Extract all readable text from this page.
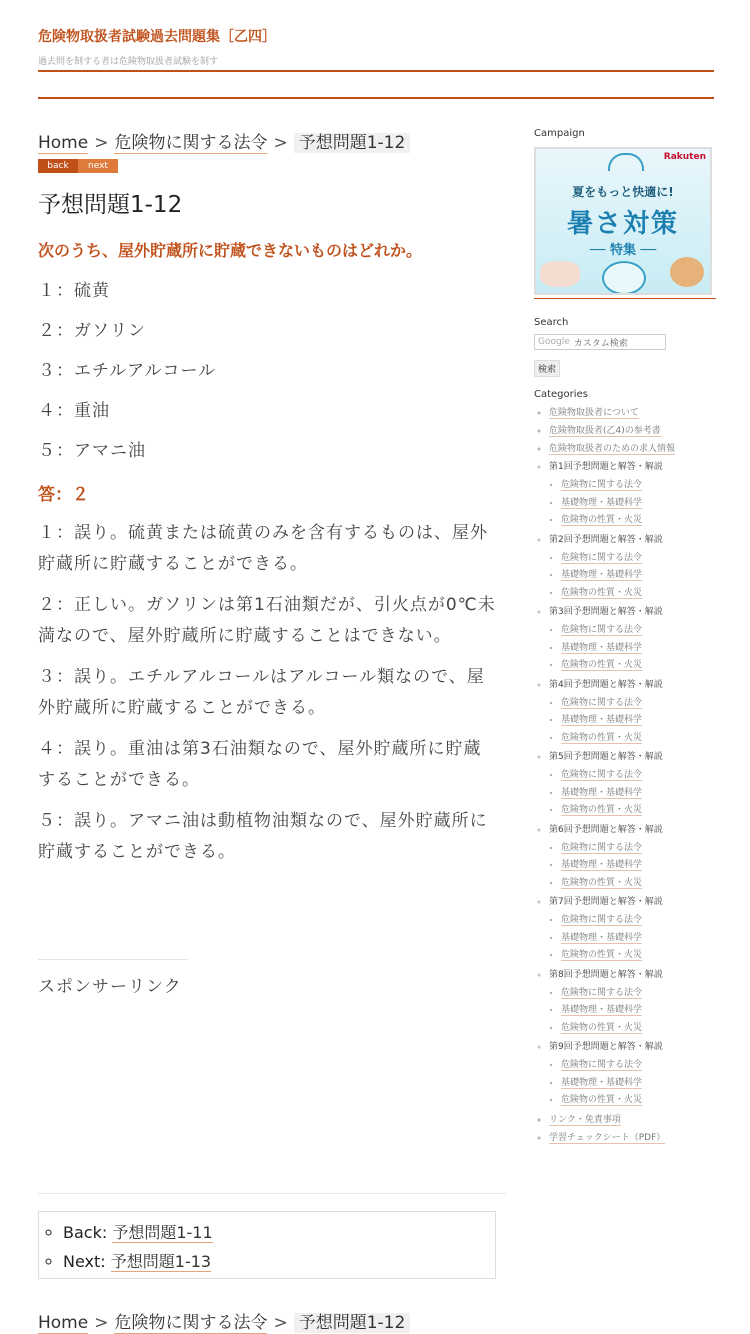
危険物取扱者試験過去問題集［乙四］
過去問を制する者は危険物取扱者試験を制す
Home > 危険物に関する法令 > 予想問題1-12
back	next
予想問題1-12
次のうち、屋外貯蔵所に貯蔵できないものはどれか。
１：硫黄
２：ガソリン
３：エチルアルコール
４：重油
５：アマニ油
答：２
１：誤り。硫黄または硫黄のみを含有するものは、屋外貯蔵所に貯蔵することができる。
２：正しい。ガソリンは第1石油類だが、引火点が0℃未満なので、屋外貯蔵所に貯蔵することはできない。
３：誤り。エチルアルコールはアルコール類なので、屋外貯蔵所に貯蔵することができる。
４：誤り。重油は第3石油類なので、屋外貯蔵所に貯蔵することができる。
５：誤り。アマニ油は動植物油類なので、屋外貯蔵所に貯蔵することができる。
スポンサーリンク
◦ Back: 予想問題1-11
◦ Next: 予想問題1-13
Home > 危険物に関する法令 > 予想問題1-12
Campaign
Rakuten
夏をもっと快適に!
暑さ対策
── 特集 ──
Search
Google カスタム検索
検索
Categories
◦ 危険物取扱者について
◦ 危険物取扱者(乙4)の参考書
◦ 危険物取扱者のための求人情報
◦ 第1回予想問題と解答・解説
• 危険物に関する法令
• 基礎物理・基礎科学
• 危険物の性質・火災
◦ 第2回予想問題と解答・解説
• 危険物に関する法令
• 基礎物理・基礎科学
• 危険物の性質・火災
◦ 第3回予想問題と解答・解説
• 危険物に関する法令
• 基礎物理・基礎科学
• 危険物の性質・火災
◦ 第4回予想問題と解答・解説
• 危険物に関する法令
• 基礎物理・基礎科学
• 危険物の性質・火災
◦ 第5回予想問題と解答・解説
• 危険物に関する法令
• 基礎物理・基礎科学
• 危険物の性質・火災
◦ 第6回予想問題と解答・解説
• 危険物に関する法令
• 基礎物理・基礎科学
• 危険物の性質・火災
◦ 第7回予想問題と解答・解説
• 危険物に関する法令
• 基礎物理・基礎科学
• 危険物の性質・火災
◦ 第8回予想問題と解答・解説
• 危険物に関する法令
• 基礎物理・基礎科学
• 危険物の性質・火災
◦ 第9回予想問題と解答・解説
• 危険物に関する法令
• 基礎物理・基礎科学
• 危険物の性質・火災
◦ リンク・免責事項
◦ 学習チェックシート（PDF）
